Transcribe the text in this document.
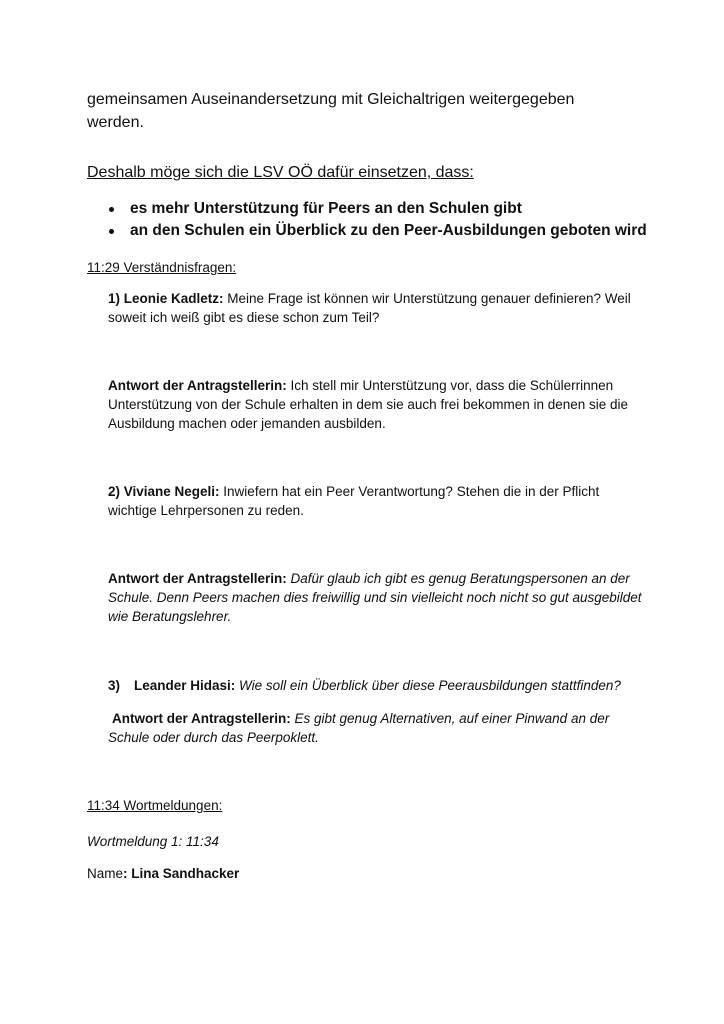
gemeinsamen Auseinandersetzung mit Gleichaltrigen weitergegeben
werden.

Deshalb möge sich die LSV OÖ dafür einsetzen, dass:

es mehr Unterstützung für Peers an den Schulen gibt
an den Schulen ein Überblick zu den Peer-Ausbildungen geboten wird

11:29 Verständnisfragen:

1) Leonie Kadletz: Meine Frage ist können wir Unterstützung genauer definieren? Weil
soweit ich weiß gibt es diese schon zum Teil?

Antwort der Antragstellerin: Ich stell mir Unterstützung vor, dass die Schülerrinnen
Unterstützung von der Schule erhalten in dem sie auch frei bekommen in denen sie die
Ausbildung machen oder jemanden ausbilden.

2) Viviane Negeli: Inwiefern hat ein Peer Verantwortung? Stehen die in der Pflicht
wichtige Lehrpersonen zu reden.

Antwort der Antragstellerin: Dafür glaub ich gibt es genug Beratungspersonen an der
Schule. Denn Peers machen dies freiwillig und sin vielleicht noch nicht so gut ausgebildet
wie Beratungslehrer.

3) Leander Hidasi: Wie soll ein Überblick über diese Peerausbildungen stattfinden?

Antwort der Antragstellerin: Es gibt genug Alternativen, auf einer Pinwand an der
Schule oder durch das Peerpoklett.

11:34 Wortmeldungen:

Wortmeldung 1: 11:34

Name: Lina Sandhacker
